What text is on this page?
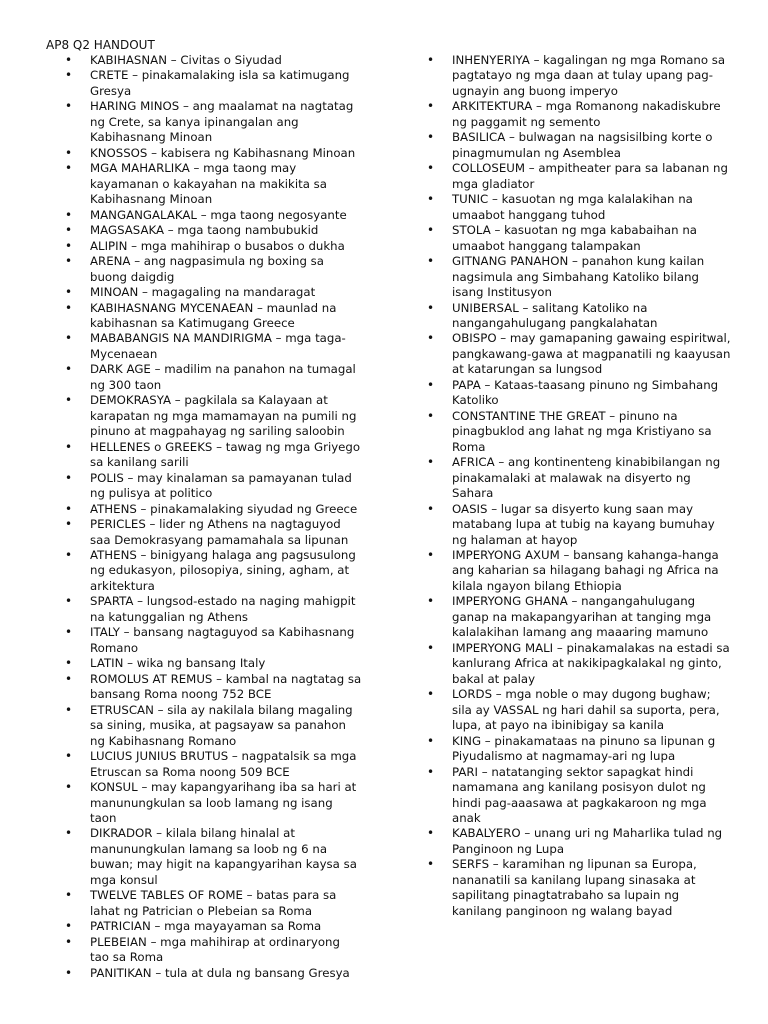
AP8 Q2 HANDOUT
• KABIHASNAN – Civitas o Siyudad
• CRETE – pinakamalaking isla sa katimugang Gresya
• HARING MINOS – ang maalamat na nagtatag ng Crete, sa kanya ipinangalan ang Kabihasnang Minoan
• KNOSSOS – kabisera ng Kabihasnang Minoan
• MGA MAHARLIKA – mga taong may kayamanan o kakayahan na makikita sa Kabihasnang Minoan
• MANGANGALAKAL – mga taong negosyante
• MAGSASAKA – mga taong nambubukid
• ALIPIN – mga mahihirap o busabos o dukha
• ARENA – ang nagpasimula ng boxing sa buong daigdig
• MINOAN – magagaling na mandaragat
• KABIHASNANG MYCENAEAN – maunlad na kabihasnan sa Katimugang Greece
• MABABANGIS NA MANDIRIGMA – mga taga-Mycenaean
• DARK AGE – madilim na panahon na tumagal ng 300 taon
• DEMOKRASYA – pagkilala sa Kalayaan at karapatan ng mga mamamayan na pumili ng pinuno at magpahayag ng sariling saloobin
• HELLENES o GREEKS – tawag ng mga Griyego sa kanilang sarili
• POLIS – may kinalaman sa pamayanan tulad ng pulisya at politico
• ATHENS – pinakamalaking siyudad ng Greece
• PERICLES – lider ng Athens na nagtaguyod saa Demokrasyang pamamahala sa lipunan
• ATHENS – binigyang halaga ang pagsusulong ng edukasyon, pilosopiya, sining, agham, at arkitektura
• SPARTA – lungsod-estado na naging mahigpit na katunggalian ng Athens
• ITALY – bansang nagtaguyod sa Kabihasnang Romano
• LATIN – wika ng bansang Italy
• ROMOLUS AT REMUS – kambal na nagtatag sa bansang Roma noong 752 BCE
• ETRUSCAN – sila ay nakilala bilang magaling sa sining, musika, at pagsayaw sa panahon ng Kabihasnang Romano
• LUCIUS JUNIUS BRUTUS – nagpatalsik sa mga Etruscan sa Roma noong 509 BCE
• KONSUL – may kapangyarihang iba sa hari at manunungkulan sa loob lamang ng isang taon
• DIKRADOR – kilala bilang hinalal at manunungkulan lamang sa loob ng 6 na buwan; may higit na kapangyarihan kaysa sa mga konsul
• TWELVE TABLES OF ROME – batas para sa lahat ng Patrician o Plebeian sa Roma
• PATRICIAN – mga mayayaman sa Roma
• PLEBEIAN – mga mahihirap at ordinaryong tao sa Roma
• PANITIKAN – tula at dula ng bansang Gresya
• INHENYERIYA – kagalingan ng mga Romano sa pagtatayo ng mga daan at tulay upang pag-ugnayin ang buong imperyo
• ARKITEKTURA – mga Romanong nakadiskubre ng paggamit ng semento
• BASILICA – bulwagan na nagsisilbing korte o pinagmumulan ng Asemblea
• COLLOSEUM – ampitheater para sa labanan ng mga gladiator
• TUNIC – kasuotan ng mga kalalakihan na umaabot hanggang tuhod
• STOLA – kasuotan ng mga kababaihan na umaabot hanggang talampakan
• GITNANG PANAHON – panahon kung kailan nagsimula ang Simbahang Katoliko bilang isang Institusyon
• UNIBERSAL – salitang Katoliko na nangangahulugang pangkalahatan
• OBISPO – may gamapaning gawaing espiritwal, pangkawang-gawa at magpanatili ng kaayusan at katarungan sa lungsod
• PAPA – Kataas-taasang pinuno ng Simbahang Katoliko
• CONSTANTINE THE GREAT – pinuno na pinagbuklod ang lahat ng mga Kristiyano sa Roma
• AFRICA – ang kontinenteng kinabibilangan ng pinakamalaki at malawak na disyerto ng Sahara
• OASIS – lugar sa disyerto kung saan may matabang lupa at tubig na kayang bumuhay ng halaman at hayop
• IMPERYONG AXUM – bansang kahanga-hanga ang kaharian sa hilagang bahagi ng Africa na kilala ngayon bilang Ethiopia
• IMPERYONG GHANA – nangangahulugang ganap na makapangyarihan at tanging mga kalalakihan lamang ang maaaring mamuno
• IMPERYONG MALI – pinakamalakas na estadi sa kanlurang Africa at nakikipagkalakal ng ginto, bakal at palay
• LORDS – mga noble o may dugong bughaw; sila ay VASSAL ng hari dahil sa suporta, pera, lupa, at payo na ibinibigay sa kanila
• KING – pinakamataas na pinuno sa lipunan g Piyudalismo at nagmamay-ari ng lupa
• PARI – natatanging sektor sapagkat hindi namamana ang kanilang posisyon dulot ng hindi pag-aaasawa at pagkakaroon ng mga anak
• KABALYERO – unang uri ng Maharlika tulad ng Panginoon ng Lupa
• SERFS – karamihan ng lipunan sa Europa, nananatili sa kanilang lupang sinasaka at sapilitang pinagtatrabaho sa lupain ng kanilang panginoon ng walang bayad
